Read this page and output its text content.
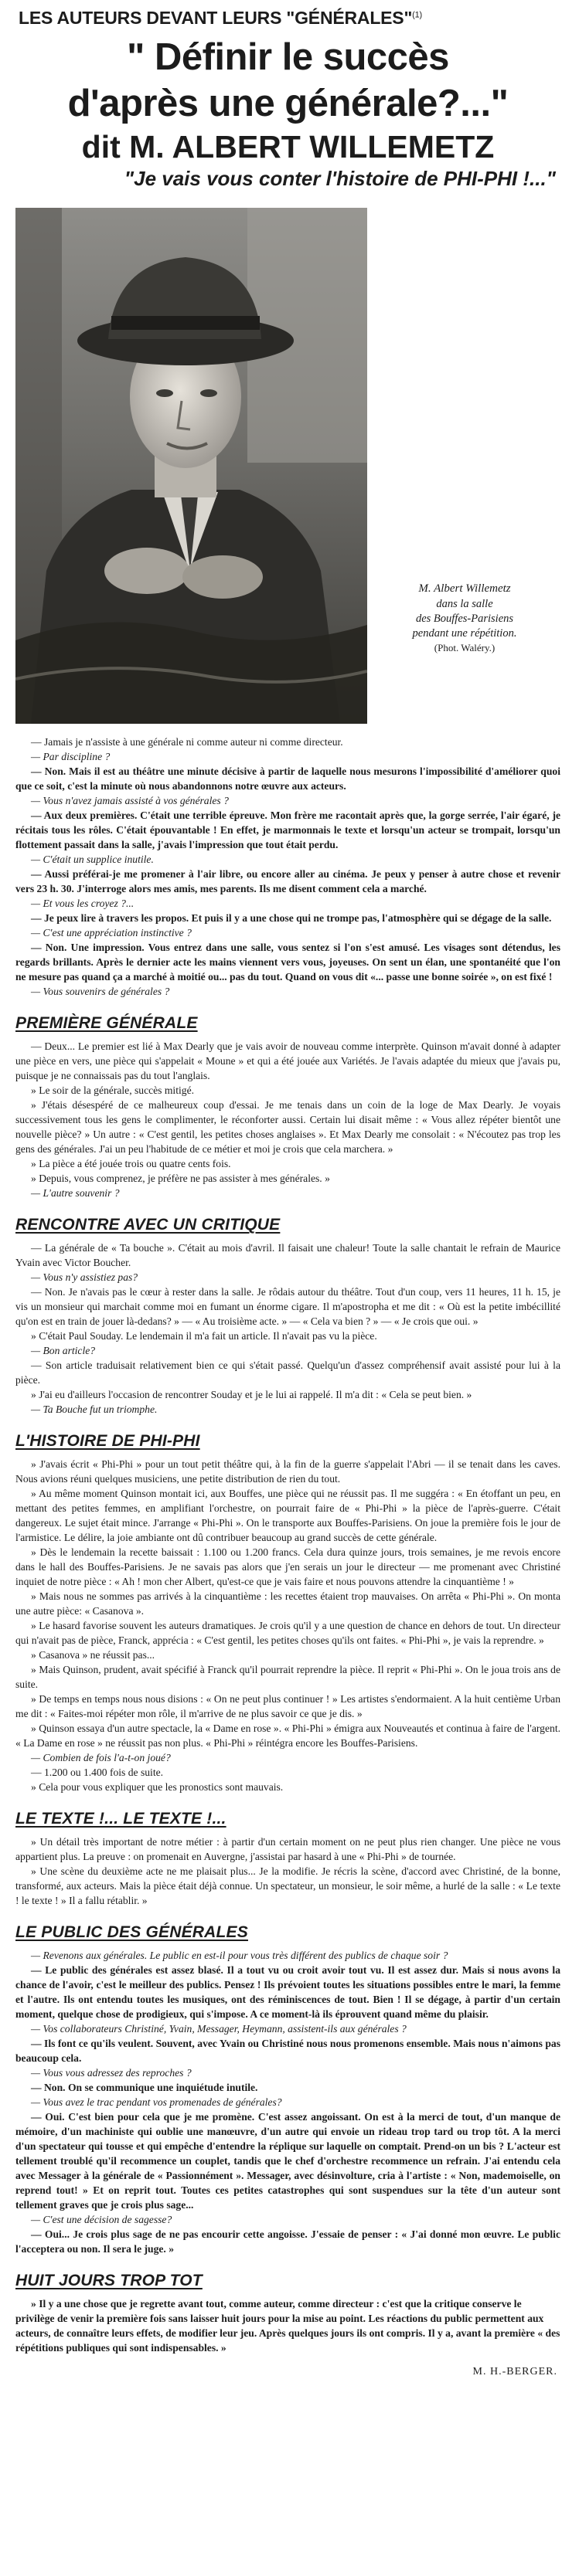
LES AUTEURS DEVANT LEURS "GÉNÉRALES"$^{(1)}$
" Définir le succès
d'après une générale?..."
dit M. ALBERT WILLEMETZ
"Je vais vous conter l'histoire de PHI-PHI !..."
M. Albert Willemetz
dans la salle
des Bouffes-Parisiens
pendant une répétition.
(Phot. Waléry.)

— Jamais je n'assiste à une générale ni comme auteur ni comme directeur.

— Par discipline ?

— Non. Mais il est au théâtre une minute décisive à partir de laquelle nous mesurons l'impossibilité d'améliorer quoi que ce soit, c'est la minute où nous abandonnons notre œuvre aux acteurs.

— Vous n'avez jamais assisté à vos générales ?

— Aux deux premières. C'était une terrible épreuve. Mon frère me racontait après que, la gorge serrée, l'air égaré, je récitais tous les rôles. C'était épouvantable ! En effet, je marmonnais le texte et lorsqu'un acteur se trompait, lorsqu'un flottement passait dans la salle, j'avais l'impression que tout était perdu.

— C'était un supplice inutile.

— Aussi préférai-je me promener à l'air libre, ou encore aller au cinéma. Je peux y penser à autre chose et revenir vers 23 h. 30. J'interroge alors mes amis, mes parents. Ils me disent comment cela a marché.

— Et vous les croyez ?...

— Je peux lire à travers les propos. Et puis il y a une chose qui ne trompe pas, l'atmosphère qui se dégage de la salle.

— C'est une appréciation instinctive ?

— Non. Une impression. Vous entrez dans une salle, vous sentez si l'on s'est amusé. Les visages sont détendus, les regards brillants. Après le dernier acte les mains viennent vers vous, joyeuses. On sent un élan, une spontanéité que l'on ne mesure pas quand ça a marché à moitié ou... pas du tout. Quand on vous dit «... passe une bonne soirée », on est fixé !

— Vous souvenirs de générales ?

PREMIÈRE GÉNÉRALE

— Deux... Le premier est lié à Max Dearly que je vais avoir de nouveau comme interprète. Quinson m'avait donné à adapter une pièce en vers, une pièce qui s'appelait « Moune » et qui a été jouée aux Variétés. Je l'avais adaptée du mieux que j'avais pu, puisque je ne connaissais pas du tout l'anglais.

» Le soir de la générale, succès mitigé.

» J'étais désespéré de ce malheureux coup d'essai. Je me tenais dans un coin de la loge de Max Dearly. Je voyais successivement tous les gens le complimenter, le réconforter aussi. Certain lui disait même : « Vous allez répéter bientôt une nouvelle pièce? » Un autre : « C'est gentil, les petites choses anglaises ». Et Max Dearly me consolait : « N'écoutez pas trop les gens des générales. J'ai un peu l'habitude de ce métier et moi je crois que cela marchera. »

» La pièce a été jouée trois ou quatre cents fois.

» Depuis, vous comprenez, je préfère ne pas assister à mes générales. »

— L'autre souvenir ?

RENCONTRE AVEC UN CRITIQUE

— La générale de « Ta bouche ». C'était au mois d'avril. Il faisait une chaleur! Toute la salle chantait le refrain de Maurice Yvain avec Victor Boucher.

— Vous n'y assistiez pas?

— Non. Je n'avais pas le cœur à rester dans la salle. Je rôdais autour du théâtre. Tout d'un coup, vers 11 heures, 11 h. 15, je vis un monsieur qui marchait comme moi en fumant un énorme cigare. Il m'apostropha et me dit : « Où est la petite imbécillité qu'on est en train de jouer là-dedans? » — « Au troisième acte. » — « Cela va bien ? » — « Je crois que oui. »

» C'était Paul Souday. Le lendemain il m'a fait un article. Il n'avait pas vu la pièce.

— Bon article?

— Son article traduisait relativement bien ce qui s'était passé. Quelqu'un d'assez compréhensif avait assisté pour lui à la pièce.

» J'ai eu d'ailleurs l'occasion de rencontrer Souday et je le lui ai rappelé. Il m'a dit : « Cela se peut bien. »

— Ta Bouche fut un triomphe.

L'HISTOIRE DE PHI-PHI

» J'avais écrit « Phi-Phi » pour un tout petit théâtre qui, à la fin de la guerre s'appelait l'Abri — il se tenait dans les caves. Nous avions réuni quelques musiciens, une petite distribution de rien du tout.

» Au même moment Quinson montait ici, aux Bouffes, une pièce qui ne réussit pas. Il me suggéra : « En étoffant un peu, en mettant des petites femmes, en amplifiant l'orchestre, on pourrait faire de « Phi-Phi » la pièce de l'après-guerre. C'était dangereux. Le sujet était mince. J'arrange « Phi-Phi ». On le transporte aux Bouffes-Parisiens. On joue la première fois le jour de l'armistice. Le délire, la joie ambiante ont dû contribuer beaucoup au grand succès de cette générale.

» Dès le lendemain la recette baissait : 1.100 ou 1.200 francs. Cela dura quinze jours, trois semaines, je me revois encore dans le hall des Bouffes-Parisiens. Je ne savais pas alors que j'en serais un jour le directeur — me promenant avec Christiné inquiet de notre pièce : « Ah ! mon cher Albert, qu'est-ce que je vais faire et nous pouvons attendre la cinquantième ! »

» Mais nous ne sommes pas arrivés à la cinquantième : les recettes étaient trop mauvaises. On arrêta « Phi-Phi ». On monta une autre pièce: « Casanova ».

» Le hasard favorise souvent les auteurs dramatiques. Je crois qu'il y a une question de chance en dehors de tout. Un directeur qui n'avait pas de pièce, Franck, apprécia : « C'est gentil, les petites choses qu'ils ont faites. « Phi-Phi », je vais la reprendre. »

» Casanova » ne réussit pas...

» Mais Quinson, prudent, avait spécifié à Franck qu'il pourrait reprendre la pièce. Il reprit « Phi-Phi ». On le joua trois ans de suite.

» De temps en temps nous nous disions : « On ne peut plus continuer ! » Les artistes s'endormaient. A la huit centième Urban me dit : « Faites-moi répéter mon rôle, il m'arrive de ne plus savoir ce que je dis. »

» Quinson essaya d'un autre spectacle, la « Dame en rose ». « Phi-Phi » émigra aux Nouveautés et continua à faire de l'argent. « La Dame en rose » ne réussit pas non plus. « Phi-Phi » réintégra encore les Bouffes-Parisiens.

— Combien de fois l'a-t-on joué?

— 1.200 ou 1.400 fois de suite.

» Cela pour vous expliquer que les pronostics sont mauvais.

LE TEXTE !... LE TEXTE !...

» Un détail très important de notre métier : à partir d'un certain moment on ne peut plus rien changer. Une pièce ne vous appartient plus. La preuve : on promenait en Auvergne, j'assistai par hasard à une « Phi-Phi » de tournée.

» Une scène du deuxième acte ne me plaisait plus... Je la modifie. Je récris la scène, d'accord avec Christiné, de la bonne, transformé, aux acteurs. Mais la pièce était déjà connue. Un spectateur, un monsieur, le soir même, a hurlé de la salle : « Le texte ! le texte ! » Il a fallu rétablir. »

LE PUBLIC DES GÉNÉRALES

— Revenons aux générales. Le public en est-il pour vous très différent des publics de chaque soir ?

— Le public des générales est assez blasé. Il a tout vu ou croit avoir tout vu. Il est assez dur. Mais si nous avons la chance de l'avoir, c'est le meilleur des publics. Pensez ! Ils prévoient toutes les situations possibles entre le mari, la femme et l'autre. Ils ont entendu toutes les musiques, ont des réminiscences de tout. Bien ! Il se dégage, à partir d'un certain moment, quelque chose de prodigieux, qui s'impose. A ce moment-là ils éprouvent quand même du plaisir.

— Vos collaborateurs Christiné, Yvain, Messager, Heymann, assistent-ils aux générales ?

— Ils font ce qu'ils veulent. Souvent, avec Yvain ou Christiné nous nous promenons ensemble. Mais nous n'aimons pas beaucoup cela.

— Vous vous adressez des reproches ?

— Non. On se communique une inquiétude inutile.

— Vous avez le trac pendant vos promenades de générales?

— Oui. C'est bien pour cela que je me promène. C'est assez angoissant. On est à la merci de tout, d'un manque de mémoire, d'un machiniste qui oublie une manœuvre, d'un autre qui envoie un rideau trop tard ou trop tôt. A la merci d'un spectateur qui tousse et qui empêche d'entendre la réplique sur laquelle on comptait. Prend-on un bis ? L'acteur est tellement troublé qu'il recommence un couplet, tandis que le chef d'orchestre recommence un refrain. J'ai entendu cela avec Messager à la générale de « Passionnément ». Messager, avec désinvolture, cria à l'artiste : « Non, mademoiselle, on reprend tout! » Et on reprit tout. Toutes ces petites catastrophes qui sont suspendues sur la tête d'un auteur sont tellement graves que je crois plus sage...

— C'est une décision de sagesse?

— Oui... Je crois plus sage de ne pas encourir cette angoisse. J'essaie de penser : « J'ai donné mon œuvre. Le public l'acceptera ou non. Il sera le juge. »

HUIT JOURS TROP TOT

» Il y a une chose que je regrette avant tout, comme auteur, comme directeur : c'est que la critique conserve le privilège de venir la première fois sans laisser huit jours pour la mise au point. Les réactions du public permettent aux acteurs, de connaître leurs effets, de modifier leur jeu. Après quelques jours ils ont compris. Il y a, avant la première « des répétitions publiques qui sont indispensables. »

M. H.-BERGER.
